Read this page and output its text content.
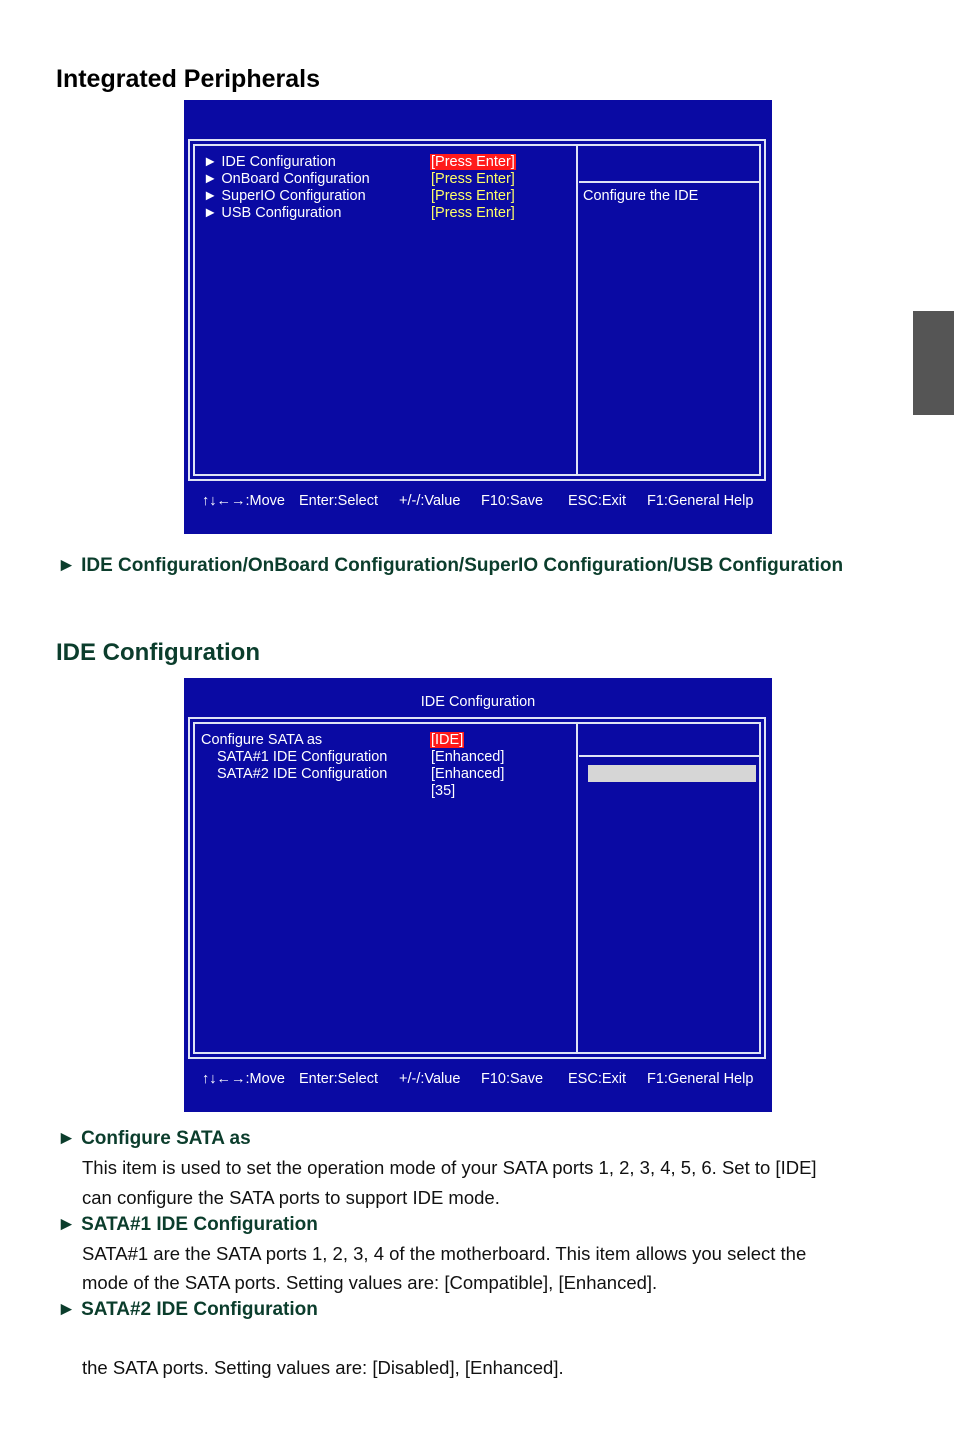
Integrated Peripherals
► IDE Configuration	[Press Enter]
► OnBoard Configuration	[Press Enter]
► SuperIO Configuration	[Press Enter]
► USB Configuration	[Press Enter]
Configure the IDE
↑↓←→:Move Enter:Select +/-/:Value F10:Save ESC:Exit F1:General Help
► IDE Configuration/OnBoard Configuration/SuperIO Configuration/USB Configuration
IDE Configuration
IDE Configuration
Configure SATA as	[IDE]
SATA#1 IDE Configuration	[Enhanced]
SATA#2 IDE Configuration	[Enhanced]
[35]
↑↓←→:Move Enter:Select +/-/:Value F10:Save ESC:Exit F1:General Help
► Configure SATA as
This item is used to set the operation mode of your SATA ports 1, 2, 3, 4, 5, 6. Set to [IDE]
can configure the SATA ports to support IDE mode.
► SATA#1 IDE Configuration
SATA#1 are the SATA ports 1, 2, 3, 4 of the motherboard. This item allows you select the
mode of the SATA ports. Setting values are: [Compatible], [Enhanced].
► SATA#2 IDE Configuration
the SATA ports. Setting values are: [Disabled], [Enhanced].
